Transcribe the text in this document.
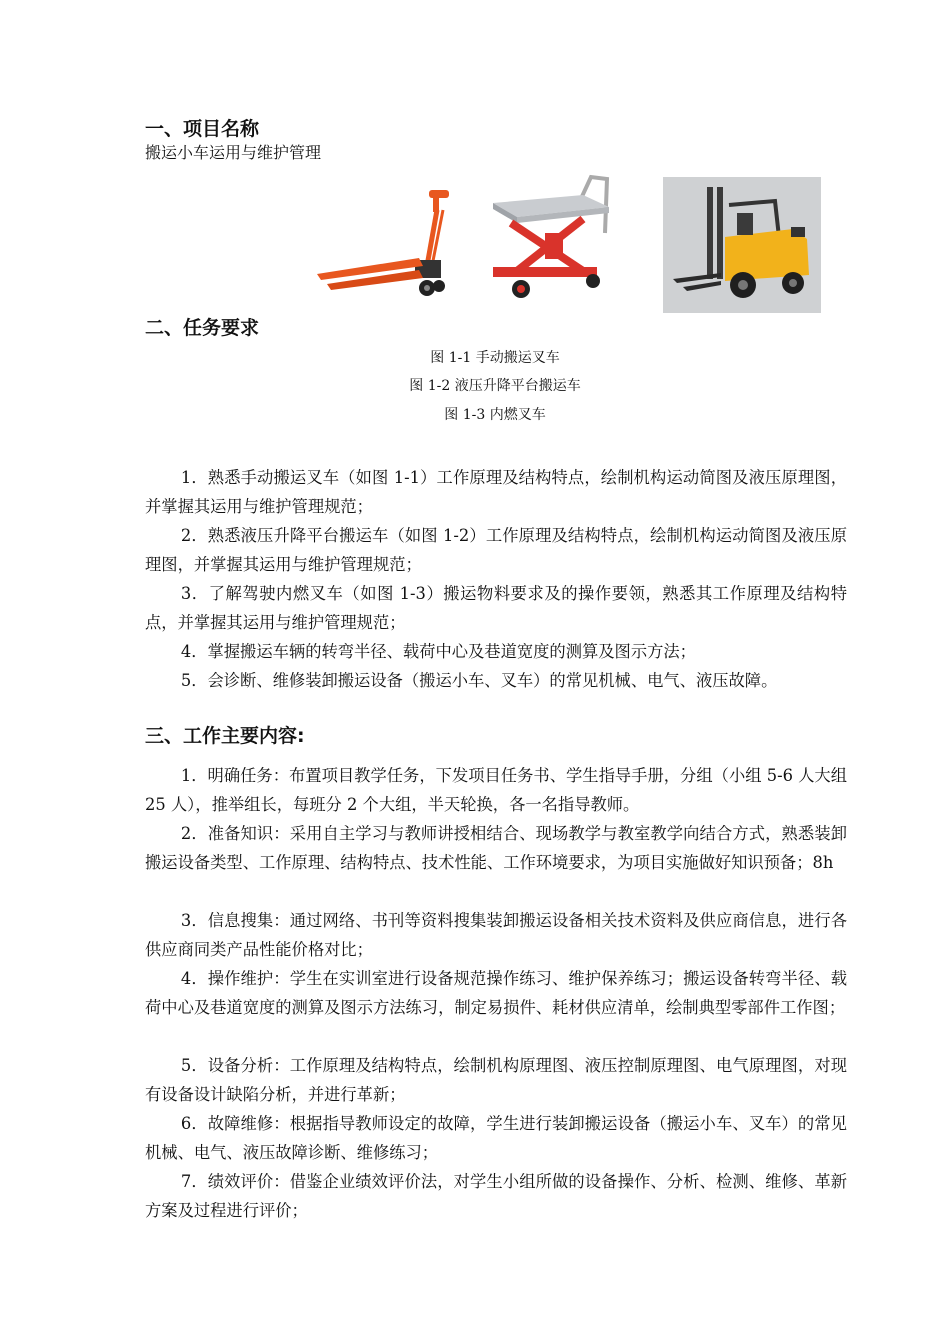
一、项目名称
搬运小车运用与维护管理
二、任务要求
图 1-1 手动搬运叉车
图 1-2 液压升降平台搬运车
图 1-3 内燃叉车
1．熟悉手动搬运叉车（如图 1-1）工作原理及结构特点，绘制机构运动简图及液压原理图，并掌握其运用与维护管理规范；
2．熟悉液压升降平台搬运车（如图 1-2）工作原理及结构特点，绘制机构运动简图及液压原理图，并掌握其运用与维护管理规范；
3．了解驾驶内燃叉车（如图 1-3）搬运物料要求及的操作要领，熟悉其工作原理及结构特点，并掌握其运用与维护管理规范；
4．掌握搬运车辆的转弯半径、载荷中心及巷道宽度的测算及图示方法；
5．会诊断、维修装卸搬运设备（搬运小车、叉车）的常见机械、电气、液压故障。
三、工作主要内容:
1．明确任务：布置项目教学任务，下发项目任务书、学生指导手册，分组（小组 5-6 人大组 25 人），推举组长，每班分 2 个大组，半天轮换，各一名指导教师。
2．准备知识：采用自主学习与教师讲授相结合、现场教学与教室教学向结合方式，熟悉装卸搬运设备类型、工作原理、结构特点、技术性能、工作环境要求，为项目实施做好知识预备；8h
3．信息搜集：通过网络、书刊等资料搜集装卸搬运设备相关技术资料及供应商信息，进行各供应商同类产品性能价格对比；
4．操作维护：学生在实训室进行设备规范操作练习、维护保养练习；搬运设备转弯半径、载荷中心及巷道宽度的测算及图示方法练习，制定易损件、耗材供应清单，绘制典型零部件工作图；
5．设备分析：工作原理及结构特点，绘制机构原理图、液压控制原理图、电气原理图，对现有设备设计缺陷分析，并进行革新；
6．故障维修：根据指导教师设定的故障，学生进行装卸搬运设备（搬运小车、叉车）的常见机械、电气、液压故障诊断、维修练习；
7．绩效评价：借鉴企业绩效评价法，对学生小组所做的设备操作、分析、检测、维修、革新方案及过程进行评价；
